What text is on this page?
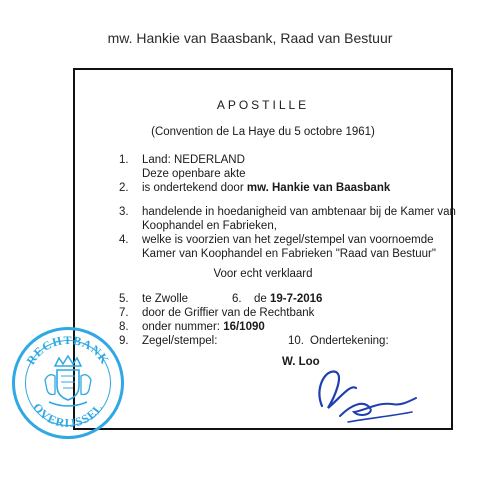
mw. Hankie van Baasbank, Raad van Bestuur
APOSTILLE
(Convention de La Haye du 5 octobre 1961)
1. Land: NEDERLAND
Deze openbare akte
2. is ondertekend door mw. Hankie van Baasbank
3. handelende in hoedanigheid van ambtenaar bij de Kamer van
Koophandel en Fabrieken,
4. welke is voorzien van het zegel/stempel van voornoemde
Kamer van Koophandel en Fabrieken "Raad van Bestuur"
Voor echt verklaard
5. te Zwolle	6. de 19-7-2016
7. door de Griffier van de Rechtbank
8. onder nummer: 16/1090
9. Zegel/stempel:	10. Ondertekening:
W. Loo
RECHTBANK
OVERIJSSEL
